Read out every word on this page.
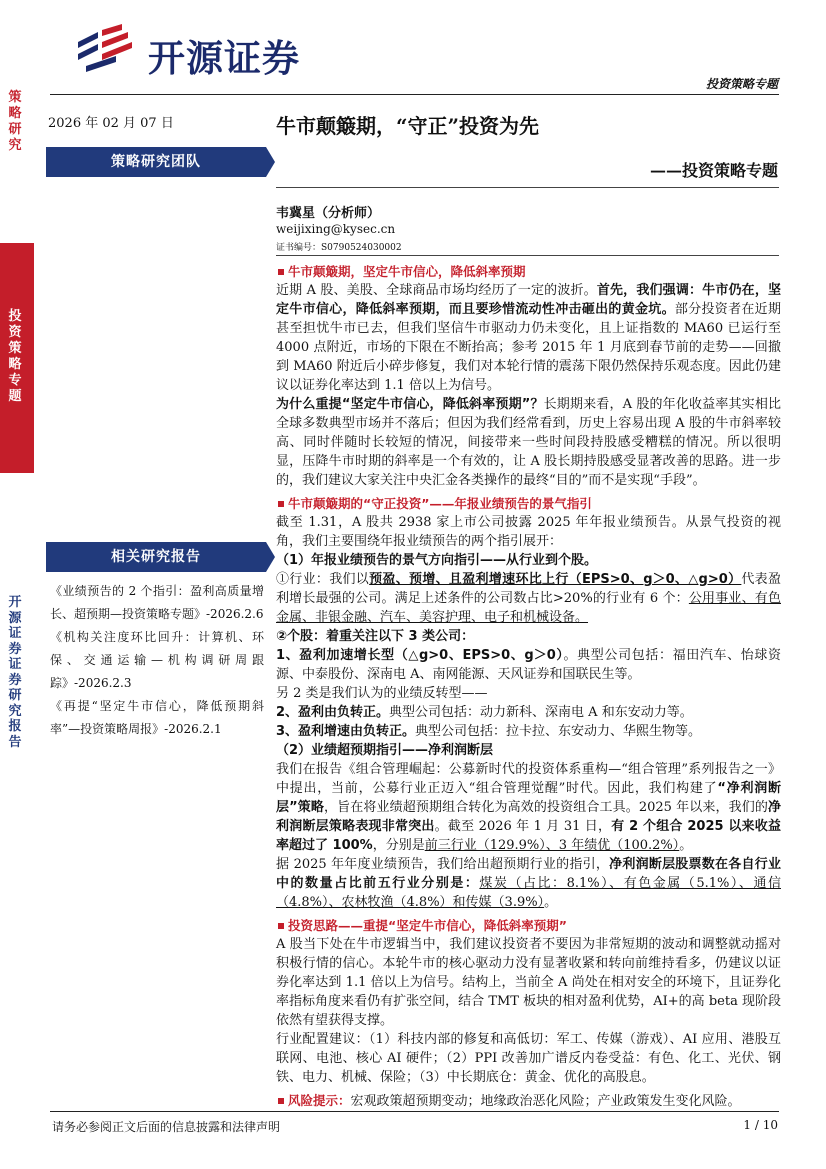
开源证券
投资策略专题
策略研究
投资策略专题
开源证券 证券研究报告
2026 年 02 月 07 日
策略研究团队
相关研究报告
《业绩预告的 2 个指引：盈利高质量增长、超预期—投资策略专题》-2026.2.6
《机构关注度环比回升：计算机、环保、交通运输—机构调研周跟踪》-2026.2.3
《再提“坚定牛市信心，降低预期斜率”—投资策略周报》-2026.2.1
牛市颠簸期，“守正”投资为先
——投资策略专题
韦冀星（分析师）
weijixing@kysec.cn
证书编号：S0790524030002

牛市颠簸期，坚定牛市信心，降低斜率预期

近期 A 股、美股、全球商品市场均经历了一定的波折。首先，我们强调：牛市仍在，坚定牛市信心，降低斜率预期，而且要珍惜流动性冲击砸出的黄金坑。部分投资者在近期甚至担忧牛市已去，但我们坚信牛市驱动力仍未变化，且上证指数的 MA60 已运行至 4000 点附近，市场的下限在不断抬高；参考 2015 年 1 月底到春节前的走势——回撤到 MA60 附近后小碎步修复，我们对本轮行情的震荡下限仍然保持乐观态度。因此仍建议以证券化率达到 1.1 倍以上为信号。

为什么重提“坚定牛市信心，降低斜率预期”？长期期来看，A 股的年化收益率其实相比全球多数典型市场并不落后；但因为我们经常看到，历史上容易出现 A 股的牛市斜率较高、同时伴随时长较短的情况，间接带来一些时间段持股感受糟糕的情况。所以很明显，压降牛市时期的斜率是一个有效的，让 A 股长期持股感受显著改善的思路。进一步的，我们建议大家关注中央汇金各类操作的最终“目的”而不是实现“手段”。

牛市颠簸期的“守正投资”——年报业绩预告的景气指引

截至 1.31，A 股共 2938 家上市公司披露 2025 年年报业绩预告。从景气投资的视角，我们主要围绕年报业绩预告的两个指引展开：

（1）年报业绩预告的景气方向指引——从行业到个股。

①行业：我们以预盈、预增、且盈利增速环比上行（EPS>0、g＞0、△g>0）代表盈利增长最强的公司。满足上述条件的公司数占比>20%的行业有 6 个：公用事业、有色金属、非银金融、汽车、美容护理、电子和机械设备。

②个股：着重关注以下 3 类公司：

1、盈利加速增长型（△g>0、EPS>0、g＞0）。典型公司包括：福田汽车、怡球资源、中泰股份、深南电 A、南网能源、天风证券和国联民生等。

另 2 类是我们认为的业绩反转型——

2、盈利由负转正。典型公司包括：动力新科、深南电 A 和东安动力等。

3、盈利增速由负转正。典型公司包括：拉卡拉、东安动力、华熙生物等。

（2）业绩超预期指引——净利润断层

我们在报告《组合管理崛起：公募新时代的投资体系重构—“组合管理”系列报告之一》中提出，当前，公募行业正迈入“组合管理觉醒”时代。因此，我们构建了“净利润断层”策略，旨在将业绩超预期组合转化为高效的投资组合工具。2025 年以来，我们的净利润断层策略表现非常突出。截至 2026 年 1 月 31 日，有 2 个组合 2025 以来收益率超过了 100%，分别是前三行业（129.9%）、3 年绩优（100.2%）。

据 2025 年年度业绩预告，我们给出超预期行业的指引，净利润断层股票数在各自行业中的数量占比前五行业分别是：煤炭（占比：8.1%）、有色金属（5.1%）、通信（4.8%）、农林牧渔（4.8%）和传媒（3.9%）。

投资思路——重提“坚定牛市信心，降低斜率预期”

A 股当下处在牛市逻辑当中，我们建议投资者不要因为非常短期的波动和调整就动摇对积极行情的信心。本轮牛市的核心驱动力没有显著收紧和转向前维持看多，仍建议以证券化率达到 1.1 倍以上为信号。结构上，当前全 A 尚处在相对安全的环境下，且证券化率指标角度来看仍有扩张空间，结合 TMT 板块的相对盈利优势，AI+的高 beta 现阶段依然有望获得支撑。

行业配置建议：（1）科技内部的修复和高低切：军工、传媒（游戏）、AI 应用、港股互联网、电池、核心 AI 硬件；（2）PPI 改善加广谱反内卷受益：有色、化工、光伏、钢铁、电力、机械、保险；（3）中长期底仓：黄金、优化的高股息。

风险提示：宏观政策超预期变动；地缘政治恶化风险；产业政策发生变化风险。

请务必参阅正文后面的信息披露和法律声明	1 / 10
